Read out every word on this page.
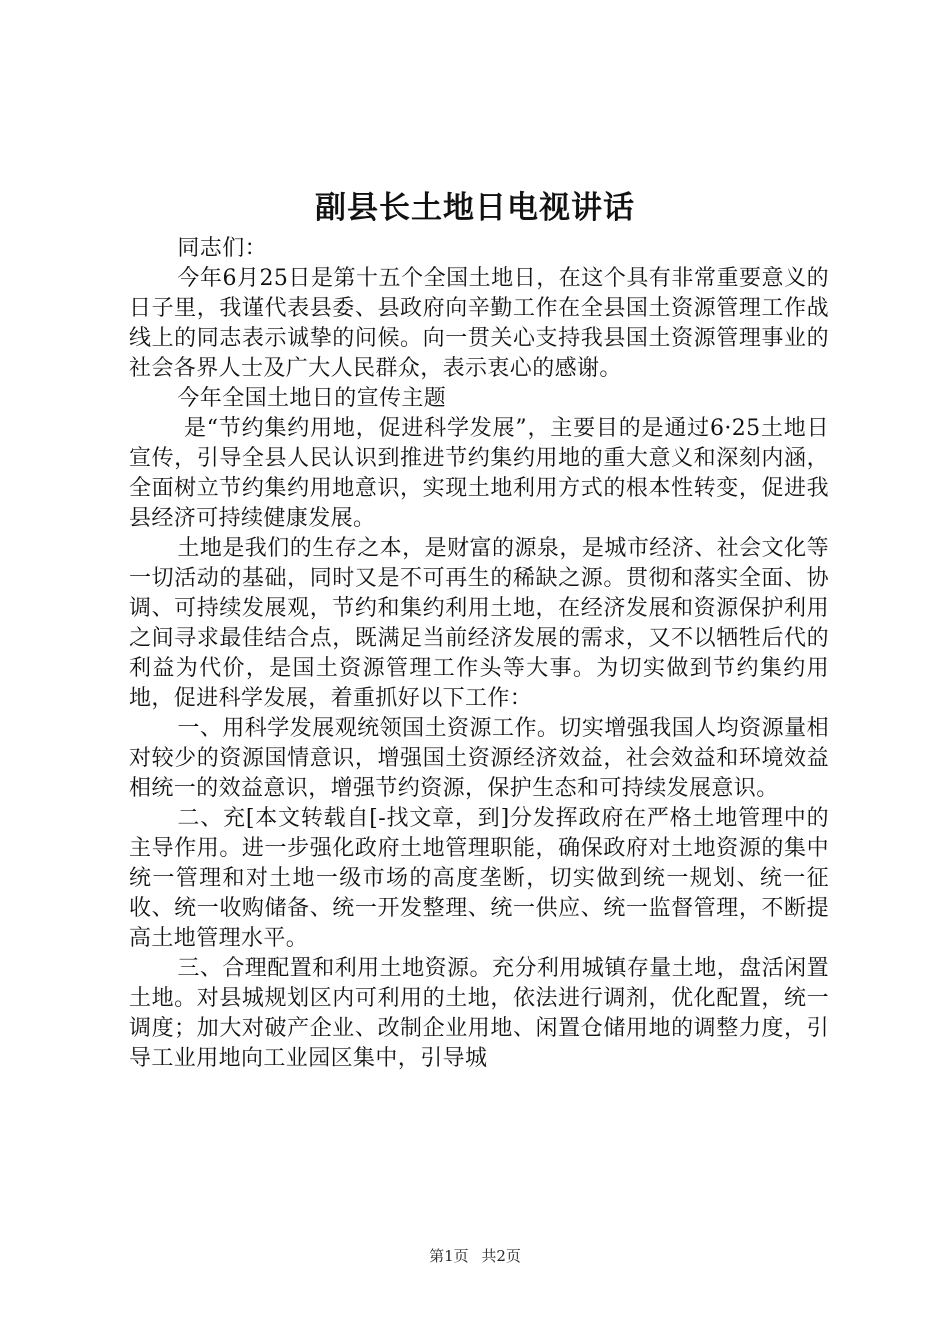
副县长土地日电视讲话

同志们：

今年6月25日是第十五个全国土地日，在这个具有非常重要意义的日子里，我谨代表县委、县政府向辛勤工作在全县国土资源管理工作战线上的同志表示诚挚的问候。向一贯关心支持我县国土资源管理事业的社会各界人士及广大人民群众，表示衷心的感谢。

今年全国土地日的宣传主题

是“节约集约用地，促进科学发展”，主要目的是通过6·25土地日宣传，引导全县人民认识到推进节约集约用地的重大意义和深刻内涵，全面树立节约集约用地意识，实现土地利用方式的根本性转变，促进我县经济可持续健康发展。

土地是我们的生存之本，是财富的源泉，是城市经济、社会文化等一切活动的基础，同时又是不可再生的稀缺之源。贯彻和落实全面、协调、可持续发展观，节约和集约利用土地，在经济发展和资源保护利用之间寻求最佳结合点，既满足当前经济发展的需求，又不以牺牲后代的利益为代价，是国土资源管理工作头等大事。为切实做到节约集约用地，促进科学发展，着重抓好以下工作：

一、用科学发展观统领国土资源工作。切实增强我国人均资源量相对较少的资源国情意识，增强国土资源经济效益，社会效益和环境效益相统一的效益意识，增强节约资源，保护生态和可持续发展意识。

二、充[本文转载自[-找文章，到]分发挥政府在严格土地管理中的主导作用。进一步强化政府土地管理职能，确保政府对土地资源的集中统一管理和对土地一级市场的高度垄断，切实做到统一规划、统一征收、统一收购储备、统一开发整理、统一供应、统一监督管理，不断提高土地管理水平。

三、合理配置和利用土地资源。充分利用城镇存量土地，盘活闲置土地。对县城规划区内可利用的土地，依法进行调剂，优化配置，统一调度；加大对破产企业、改制企业用地、闲置仓储用地的调整力度，引导工业用地向工业园区集中，引导城

第1页 共2页
